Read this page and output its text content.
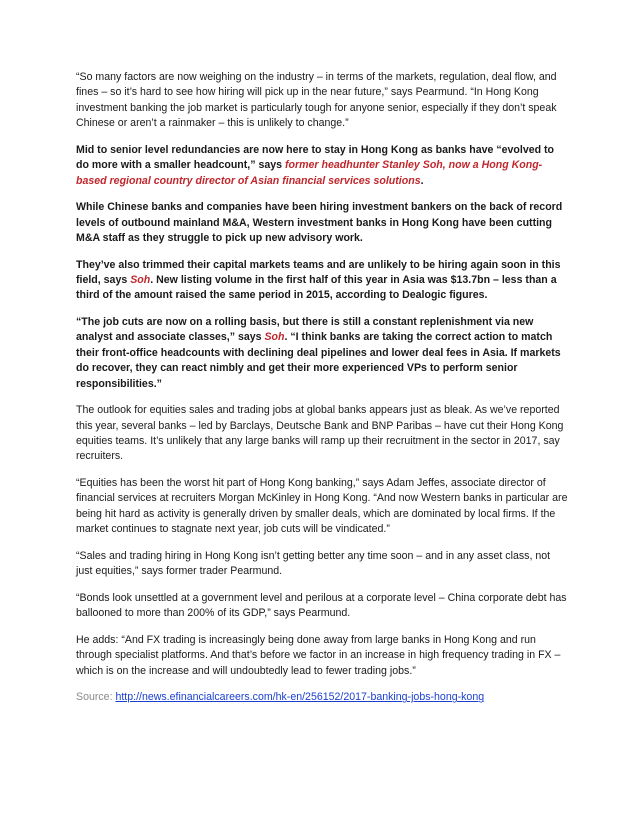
“So many factors are now weighing on the industry – in terms of the markets, regulation, deal flow, and fines – so it’s hard to see how hiring will pick up in the near future,” says Pearmund. “In Hong Kong investment banking the job market is particularly tough for anyone senior, especially if they don’t speak Chinese or aren’t a rainmaker – this is unlikely to change.”

Mid to senior level redundancies are now here to stay in Hong Kong as banks have “evolved to do more with a smaller headcount,” says former headhunter Stanley Soh, now a Hong Kong-based regional country director of Asian financial services solutions.

While Chinese banks and companies have been hiring investment bankers on the back of record levels of outbound mainland M&A, Western investment banks in Hong Kong have been cutting M&A staff as they struggle to pick up new advisory work.

They’ve also trimmed their capital markets teams and are unlikely to be hiring again soon in this field, says Soh. New listing volume in the first half of this year in Asia was $13.7bn – less than a third of the amount raised the same period in 2015, according to Dealogic figures.

“The job cuts are now on a rolling basis, but there is still a constant replenishment via new analyst and associate classes,” says Soh. “I think banks are taking the correct action to match their front-office headcounts with declining deal pipelines and lower deal fees in Asia. If markets do recover, they can react nimbly and get their more experienced VPs to perform senior responsibilities.”

The outlook for equities sales and trading jobs at global banks appears just as bleak. As we’ve reported this year, several banks – led by Barclays, Deutsche Bank and BNP Paribas – have cut their Hong Kong equities teams. It’s unlikely that any large banks will ramp up their recruitment in the sector in 2017, say recruiters.

“Equities has been the worst hit part of Hong Kong banking,” says Adam Jeffes, associate director of financial services at recruiters Morgan McKinley in Hong Kong. “And now Western banks in particular are being hit hard as activity is generally driven by smaller deals, which are dominated by local firms. If the market continues to stagnate next year, job cuts will be vindicated.”

“Sales and trading hiring in Hong Kong isn’t getting better any time soon – and in any asset class, not just equities,” says former trader Pearmund.

“Bonds look unsettled at a government level and perilous at a corporate level – China corporate debt has ballooned to more than 200% of its GDP,” says Pearmund.

He adds: “And FX trading is increasingly being done away from large banks in Hong Kong and run through specialist platforms. And that’s before we factor in an increase in high frequency trading in FX – which is on the increase and will undoubtedly lead to fewer trading jobs.”

Source: http://news.efinancialcareers.com/hk-en/256152/2017-banking-jobs-hong-kong
